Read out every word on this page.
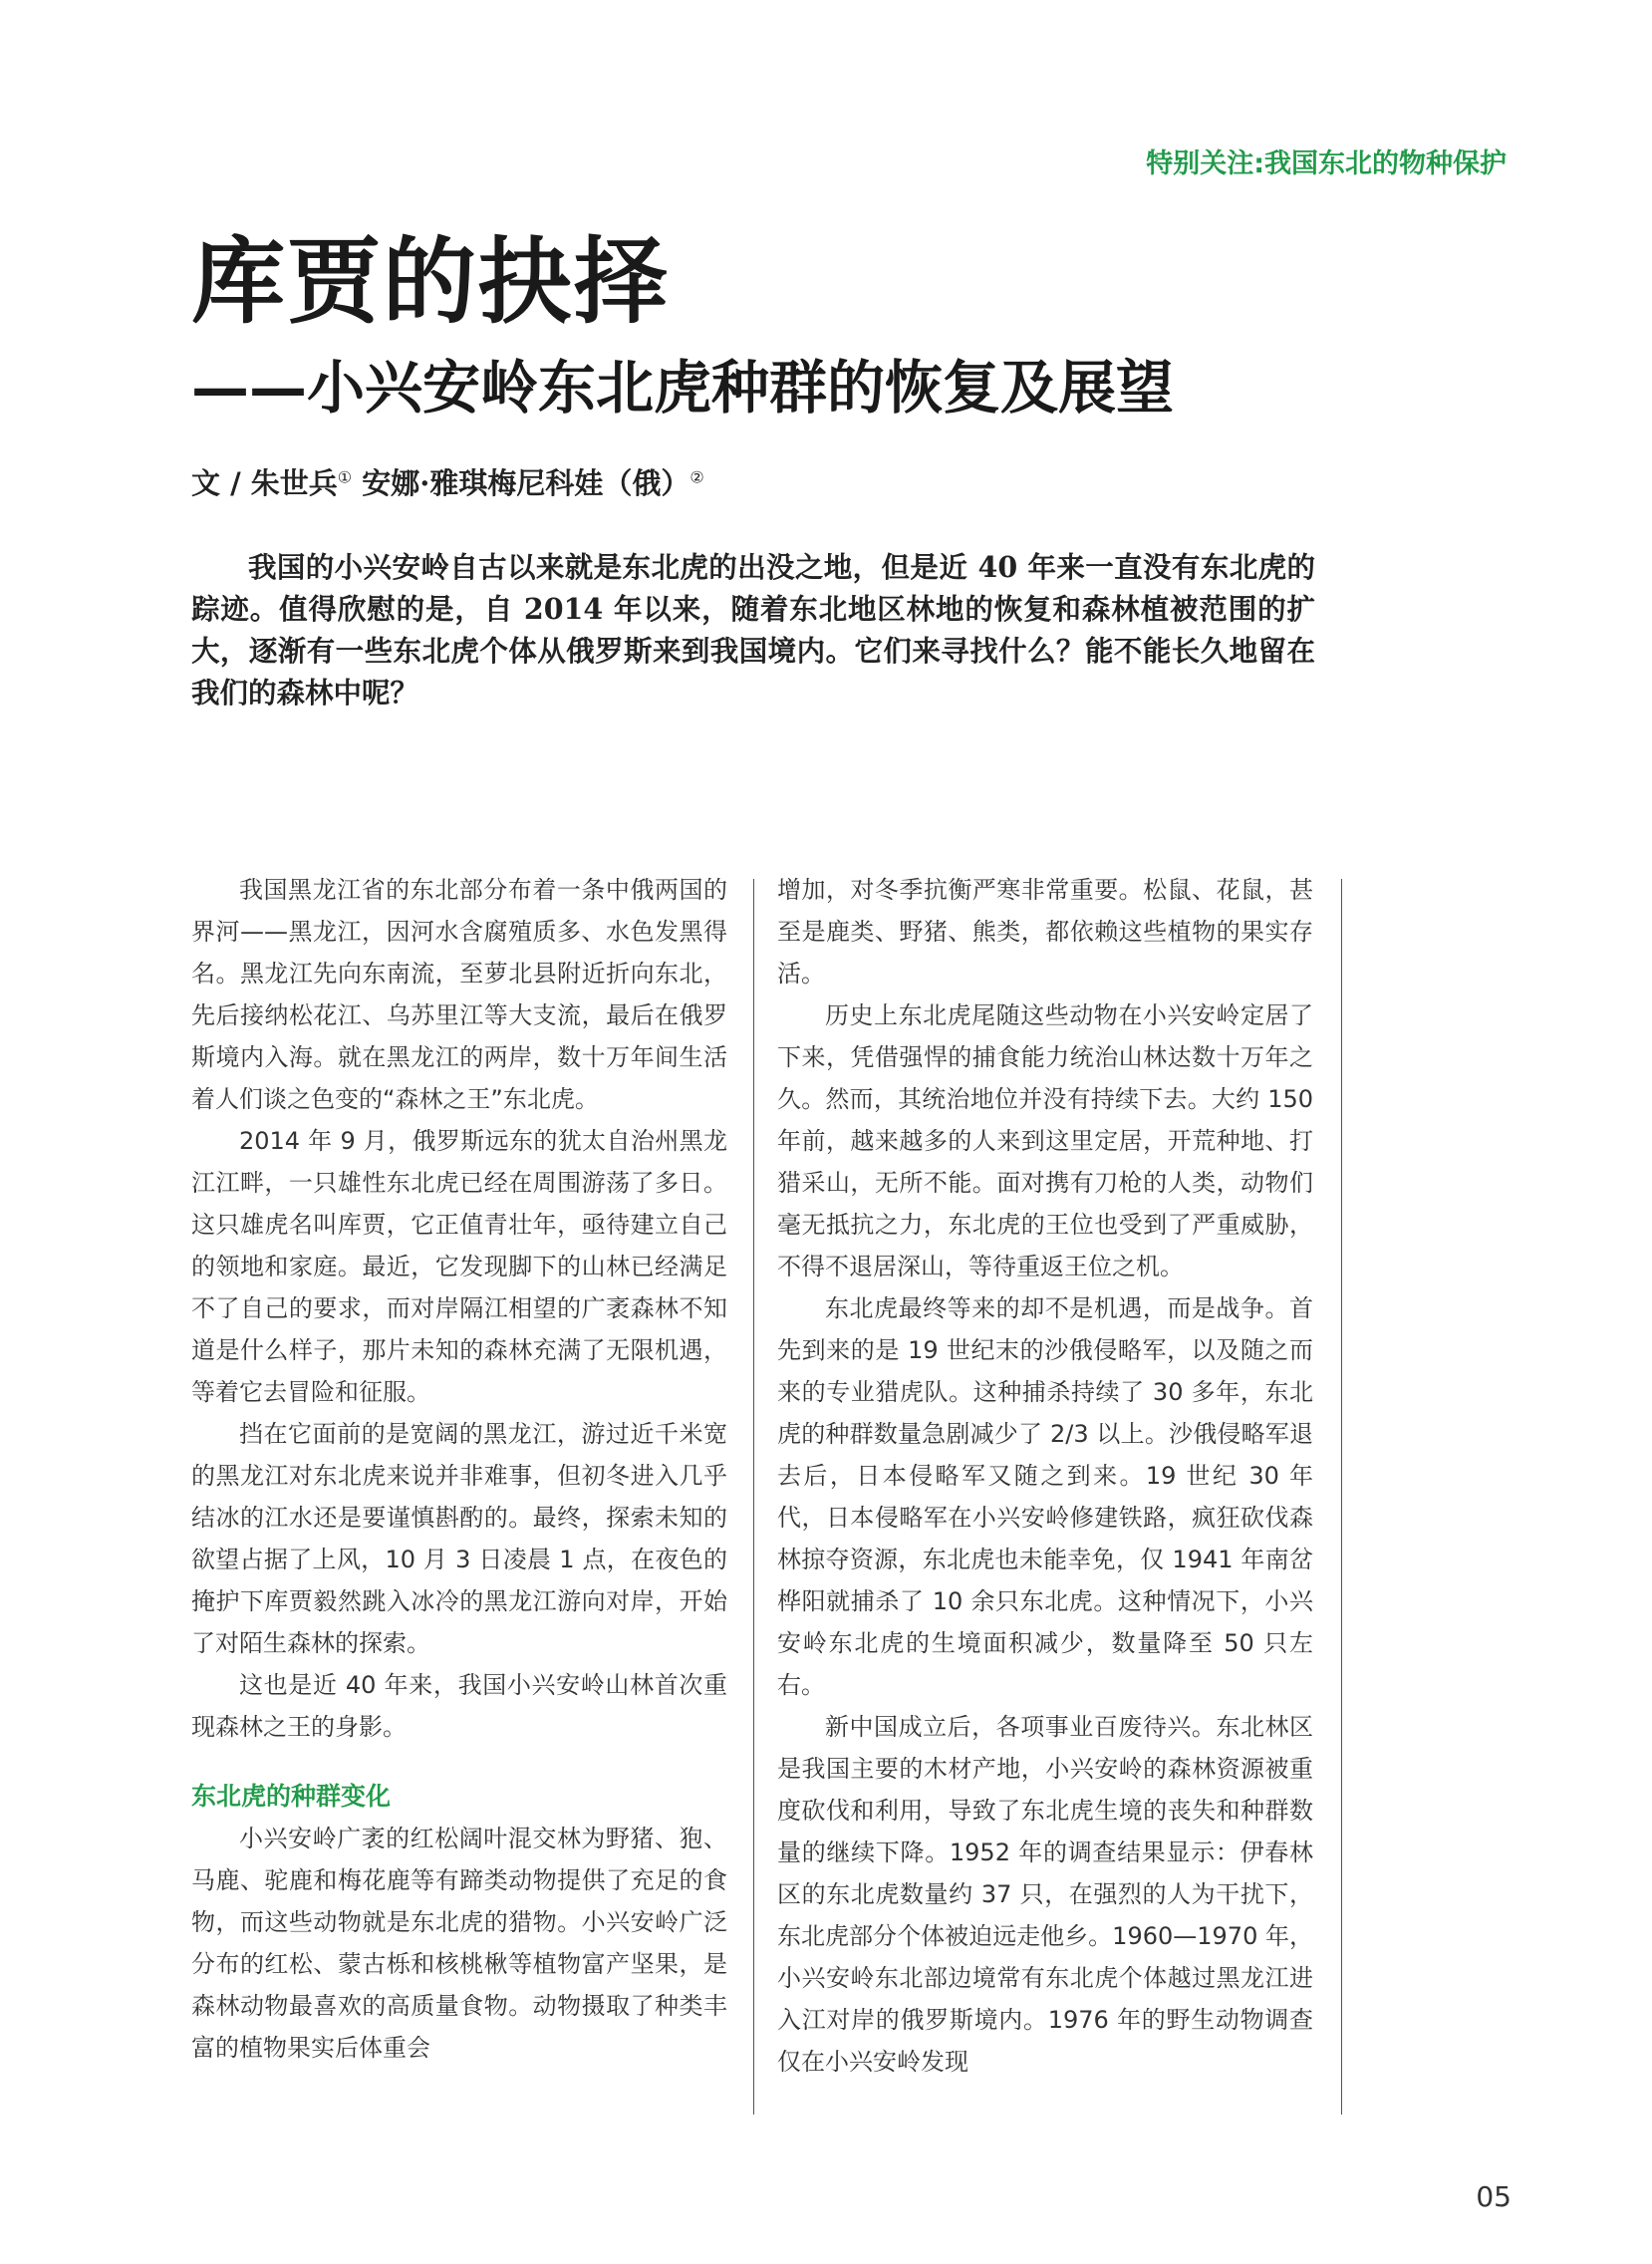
特别关注:我国东北的物种保护
库贾的抉择
——小兴安岭东北虎种群的恢复及展望
文 / 朱世兵① 安娜·雅琪梅尼科娃（俄）②

我国的小兴安岭自古以来就是东北虎的出没之地，但是近 40 年来一直没有东北虎的踪迹。值得欣慰的是，自 2014 年以来，随着东北地区林地的恢复和森林植被范围的扩大，逐渐有一些东北虎个体从俄罗斯来到我国境内。它们来寻找什么？能不能长久地留在我们的森林中呢？

我国黑龙江省的东北部分布着一条中俄两国的界河——黑龙江，因河水含腐殖质多、水色发黑得名。黑龙江先向东南流，至萝北县附近折向东北，先后接纳松花江、乌苏里江等大支流，最后在俄罗斯境内入海。就在黑龙江的两岸，数十万年间生活着人们谈之色变的“森林之王”东北虎。

2014 年 9 月，俄罗斯远东的犹太自治州黑龙江江畔，一只雄性东北虎已经在周围游荡了多日。这只雄虎名叫库贾，它正值青壮年，亟待建立自己的领地和家庭。最近，它发现脚下的山林已经满足不了自己的要求，而对岸隔江相望的广袤森林不知道是什么样子，那片未知的森林充满了无限机遇，等着它去冒险和征服。

挡在它面前的是宽阔的黑龙江，游过近千米宽的黑龙江对东北虎来说并非难事，但初冬进入几乎结冰的江水还是要谨慎斟酌的。最终，探索未知的欲望占据了上风，10 月 3 日凌晨 1 点，在夜色的掩护下库贾毅然跳入冰冷的黑龙江游向对岸，开始了对陌生森林的探索。

这也是近 40 年来，我国小兴安岭山林首次重现森林之王的身影。

东北虎的种群变化

小兴安岭广袤的红松阔叶混交林为野猪、狍、马鹿、驼鹿和梅花鹿等有蹄类动物提供了充足的食物，而这些动物就是东北虎的猎物。小兴安岭广泛分布的红松、蒙古栎和核桃楸等植物富产坚果，是森林动物最喜欢的高质量食物。动物摄取了种类丰富的植物果实后体重会

增加，对冬季抗衡严寒非常重要。松鼠、花鼠，甚至是鹿类、野猪、熊类，都依赖这些植物的果实存活。

历史上东北虎尾随这些动物在小兴安岭定居了下来，凭借强悍的捕食能力统治山林达数十万年之久。然而，其统治地位并没有持续下去。大约 150 年前，越来越多的人来到这里定居，开荒种地、打猎采山，无所不能。面对携有刀枪的人类，动物们毫无抵抗之力，东北虎的王位也受到了严重威胁，不得不退居深山，等待重返王位之机。

东北虎最终等来的却不是机遇，而是战争。首先到来的是 19 世纪末的沙俄侵略军，以及随之而来的专业猎虎队。这种捕杀持续了 30 多年，东北虎的种群数量急剧减少了 2/3 以上。沙俄侵略军退去后，日本侵略军又随之到来。19 世纪 30 年代，日本侵略军在小兴安岭修建铁路，疯狂砍伐森林掠夺资源，东北虎也未能幸免，仅 1941 年南岔桦阳就捕杀了 10 余只东北虎。这种情况下，小兴安岭东北虎的生境面积减少，数量降至 50 只左右。

新中国成立后，各项事业百废待兴。东北林区是我国主要的木材产地，小兴安岭的森林资源被重度砍伐和利用，导致了东北虎生境的丧失和种群数量的继续下降。1952 年的调查结果显示：伊春林区的东北虎数量约 37 只，在强烈的人为干扰下，东北虎部分个体被迫远走他乡。1960—1970 年，小兴安岭东北部边境常有东北虎个体越过黑龙江进入江对岸的俄罗斯境内。1976 年的野生动物调查仅在小兴安岭发现

05
